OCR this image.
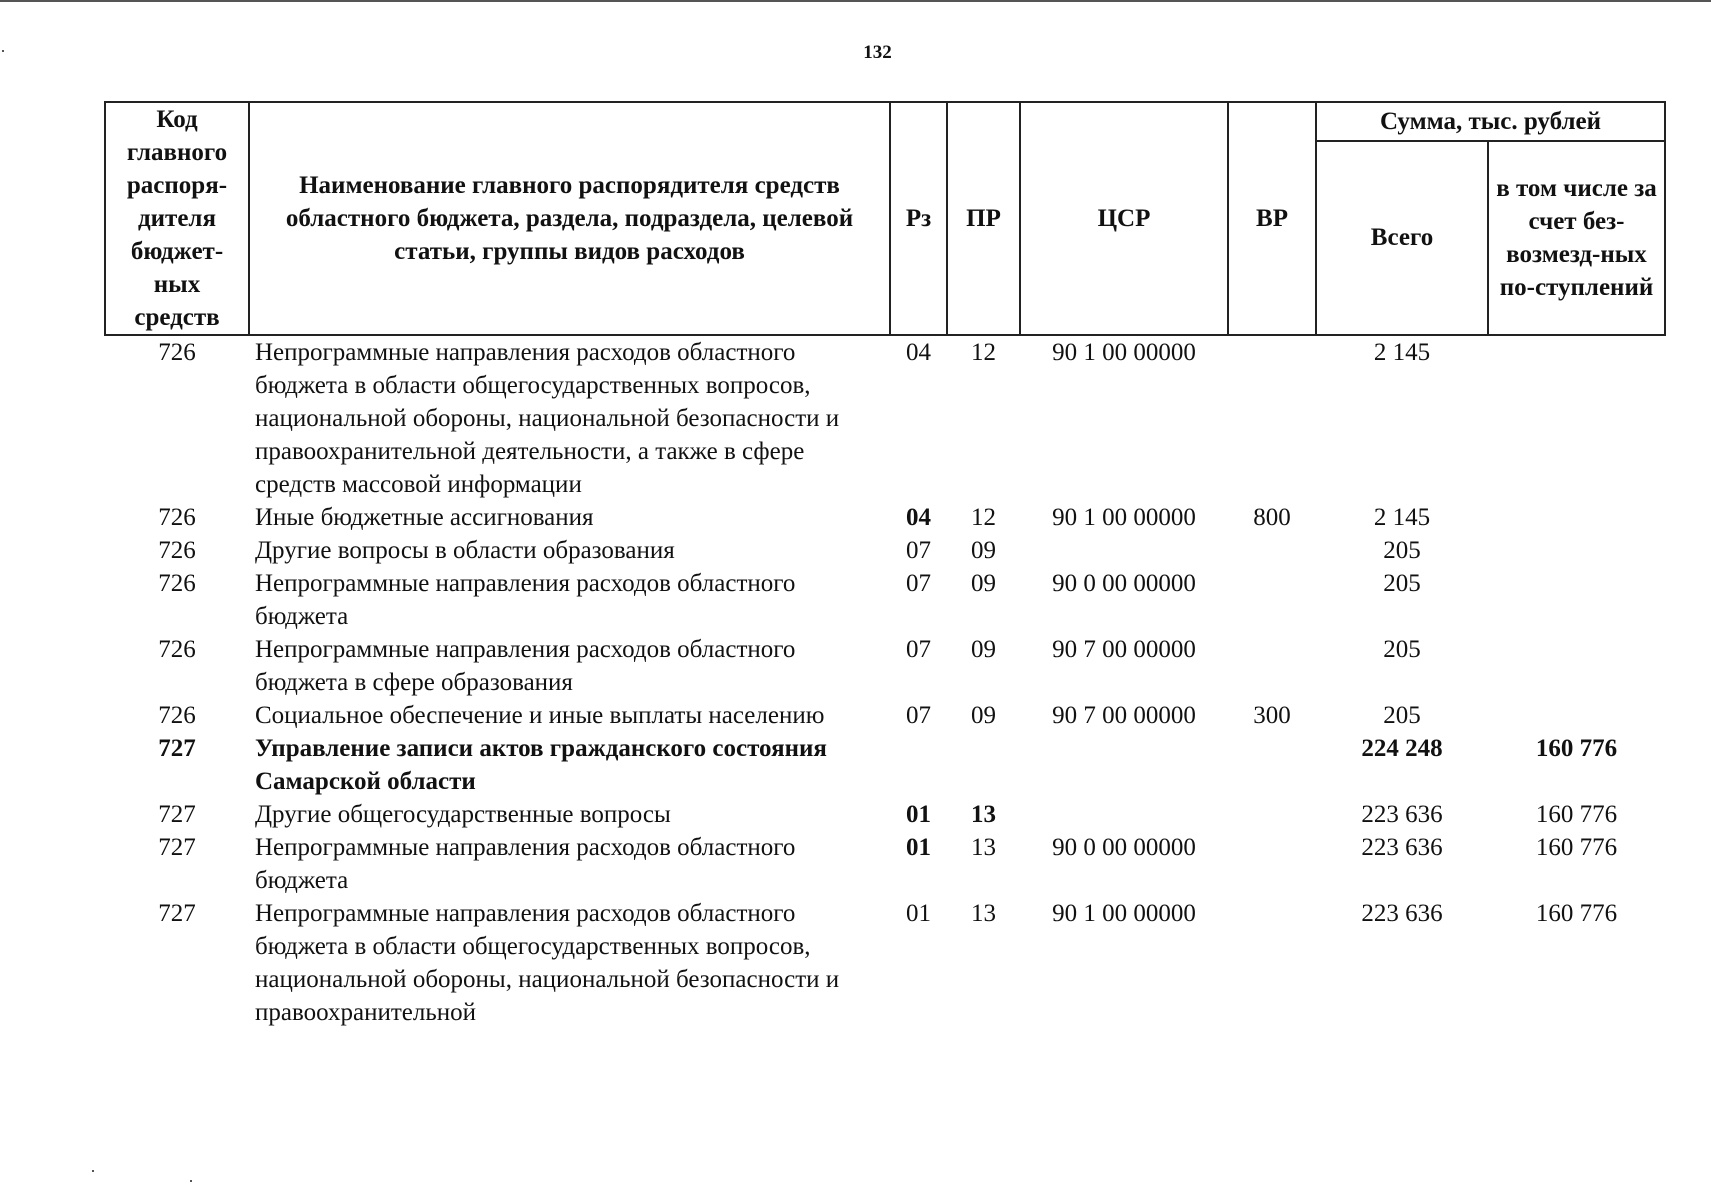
132
Код главного распоря-дителя бюджет-ных средств	Наименование главного распорядителя средств областного бюджета, раздела, подраздела, целевой статьи, группы видов расходов	Рз	ПР	ЦСР	ВР	Сумма, тыс. рублей	
						Всего	в том числе за счет без-возмезд-ных по-ступлений
726	Непрограммные направления расходов областного бюджета в области общегосударственных вопросов, национальной обороны, национальной безопасности и правоохранительной деятельности, а также в сфере средств массовой информации	04	12	90 1 00 00000		2 145	
726	Иные бюджетные ассигнования	04	12	90 1 00 00000	800	2 145	
726	Другие вопросы в области образования	07	09			205	
726	Непрограммные направления расходов областного бюджета	07	09	90 0 00 00000		205	
726	Непрограммные направления расходов областного бюджета в сфере образования	07	09	90 7 00 00000		205	
726	Социальное обеспечение и иные выплаты населению	07	09	90 7 00 00000	300	205	
727	Управление записи актов гражданского состояния Самарской области					224 248	160 776
727	Другие общегосударственные вопросы	01	13			223 636	160 776
727	Непрограммные направления расходов областного бюджета	01	13	90 0 00 00000		223 636	160 776
727	Непрограммные направления расходов областного бюджета в области общегосударственных вопросов, национальной обороны, национальной безопасности и правоохранительной	01	13	90 1 00 00000		223 636	160 776
